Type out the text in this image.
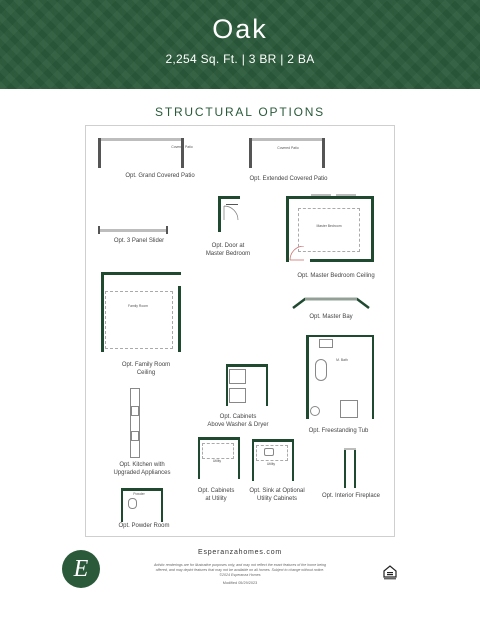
Oak
2,254 Sq. Ft. | 3 BR | 2 BA
STRUCTURAL OPTIONS
Covered Patio
Opt. Grand Covered Patio
Covered Patio
Opt. Extended Covered Patio
Opt. 3 Panel Slider
Opt. Door at
Master Bedroom
Master Bedroom
Opt. Master Bedroom Ceiling
Family Room
Opt. Family Room
Ceiling
Opt. Master Bay
M. Bath
Opt. Freestanding Tub
Opt. Cabinets
Above Washer & Dryer
Opt. Kitchen with
Upgraded Appliances
Utility
Opt. Cabinets
at Utility
Utility
Opt. Sink at Optional
Utility Cabinets	Opt. Interior Fireplace
Powder
Opt. Powder Room
E
Esperanzahomes.com
Artistic renderings are for illustrative purposes only, and may not reflect the exact features of the home being offered, and may depict features that may not be available on all homes. Subject to change without notice. ©2024 Esperanza Homes
Modified 05/29/2023
